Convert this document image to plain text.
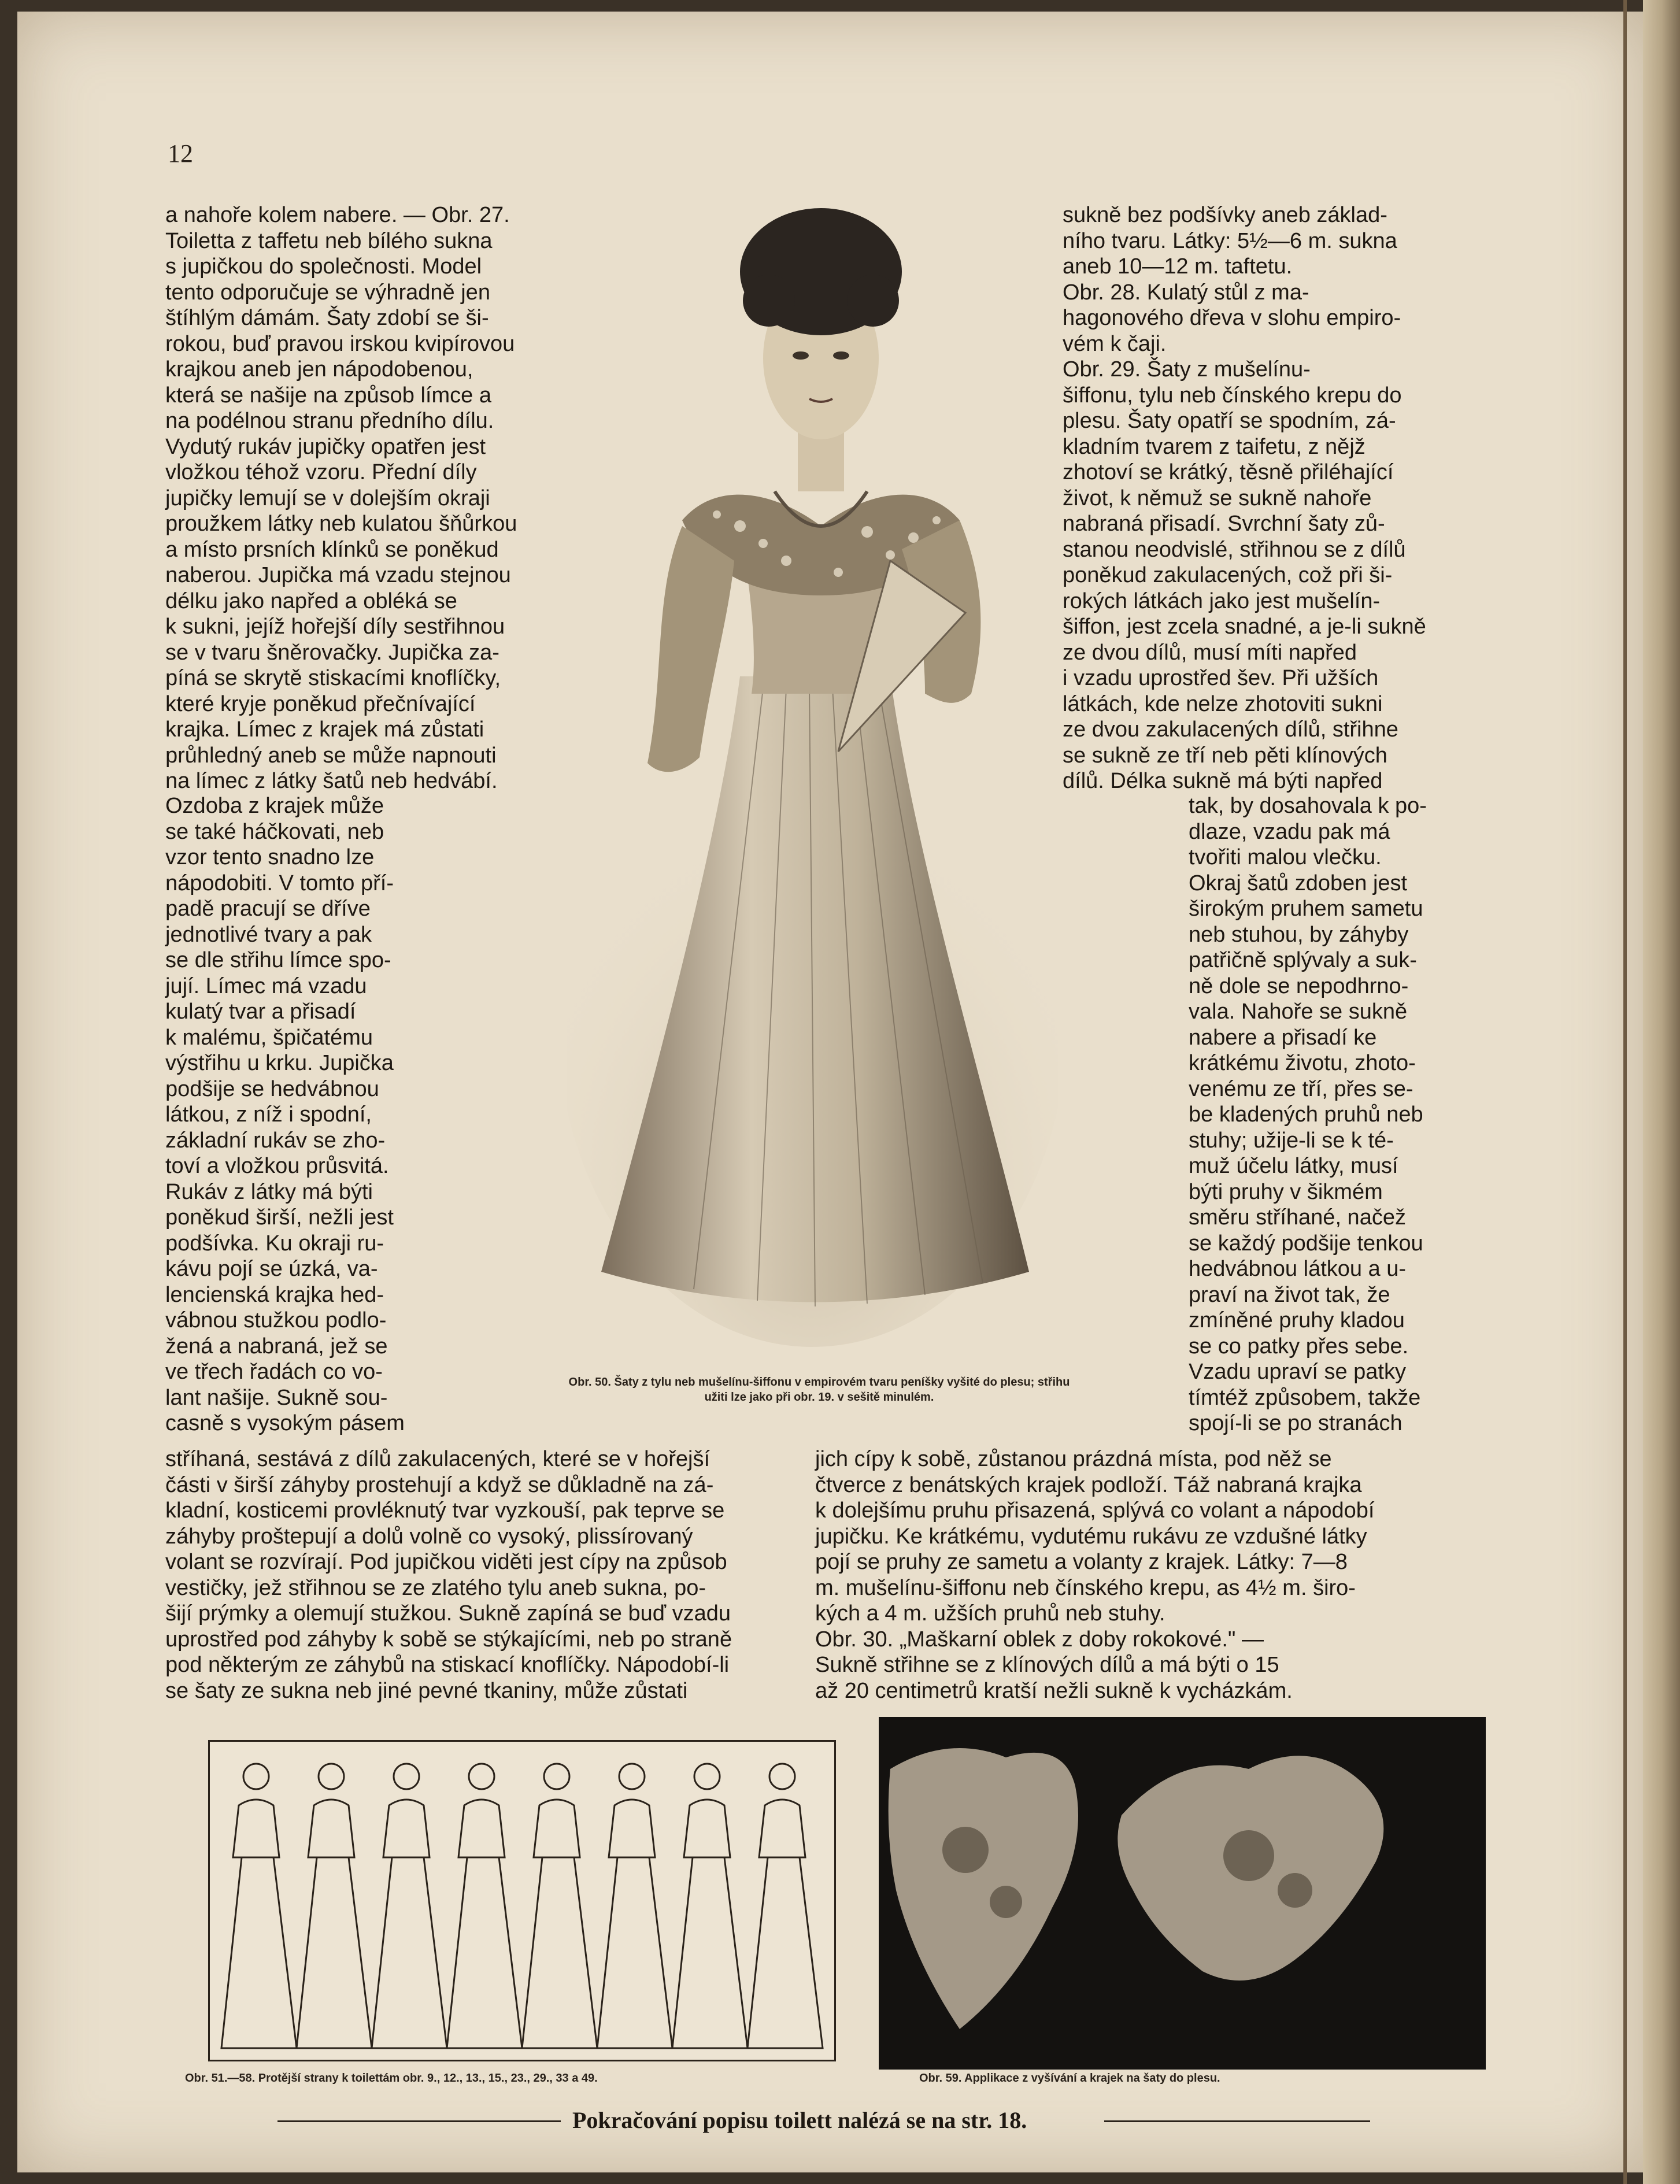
12

a nahoře kolem nabere. — Obr. 27.
Toiletta z taffetu neb bílého sukna
s jupičkou do společnosti. Model
tento odporučuje se výhradně jen
štíhlým dámám. Šaty zdobí se ši-
rokou, buď pravou irskou kvipírovou
krajkou aneb jen nápodobenou,
která se našije na způsob límce a
na podélnou stranu předního dílu.
Vydutý rukáv jupičky opatřen jest
vložkou téhož vzoru. Přední díly
jupičky lemují se v dolejším okraji
proužkem látky neb kulatou šňůrkou
a místo prsních klínků se poněkud
naberou. Jupička má vzadu stejnou
délku jako napřed a obléká se
k sukni, jejíž hořejší díly sestřihnou
se v tvaru šněrovačky. Jupička za-
píná se skrytě stiskacími knoflíčky,
které kryje poněkud přečnívající
krajka. Límec z krajek má zůstati
průhledný aneb se může napnouti
na límec z látky šatů neb hedvábí.

Ozdoba z krajek může
se také háčkovati, neb
vzor tento snadno lze
nápodobiti. V tomto pří-
padě pracují se dříve
jednotlivé tvary a pak
se dle střihu límce spo-
jují. Límec má vzadu
kulatý tvar a přisadí
k malému, špičatému
výstřihu u krku. Jupička
podšije se hedvábnou
látkou, z níž i spodní,
základní rukáv se zho-
toví a vložkou průsvitá.
Rukáv z látky má býti
poněkud širší, nežli jest
podšívka. Ku okraji ru-
kávu pojí se úzká, va-
lencienská krajka hed-
vábnou stužkou podlo-
žená a nabraná, jež se
ve třech řadách co vo-
lant našije. Sukně sou-
casně s vysokým pásem

sukně bez podšívky aneb základ-
ního tvaru. Látky: 5½—6 m. sukna
aneb 10—12 m. taftetu.
Obr. 28. Kulatý stůl z ma-
hagonového dřeva v slohu empiro-
vém k čaji.
Obr. 29. Šaty z mušelínu-
šiffonu, tylu neb čínského krepu do
plesu. Šaty opatří se spodním, zá-
kladním tvarem z taifetu, z nějž
zhotoví se krátký, těsně přiléhající
život, k němuž se sukně nahoře
nabraná přisadí. Svrchní šaty zů-
stanou neodvislé, střihnou se z dílů
poněkud zakulacených, což při ši-
rokých látkách jako jest mušelín-
šiffon, jest zcela snadné, a je-li sukně
ze dvou dílů, musí míti napřed
i vzadu uprostřed šev. Při užších
látkách, kde nelze zhotoviti sukni
ze dvou zakulacených dílů, střihne
se sukně ze tří neb pěti klínových
dílů. Délka sukně má býti napřed

tak, by dosahovala k po-
dlaze, vzadu pak má
tvořiti malou vlečku.
Okraj šatů zdoben jest
širokým pruhem sametu
neb stuhou, by záhyby
patřičně splývaly a suk-
ně dole se nepodhrno-
vala. Nahoře se sukně
nabere a přisadí ke
krátkému životu, zhoto-
venému ze tří, přes se-
be kladených pruhů neb
stuhy; užije-li se k té-
muž účelu látky, musí
býti pruhy v šikmém
směru stříhané, načež
se každý podšije tenkou
hedvábnou látkou a u-
praví na život tak, že
zmíněné pruhy kladou
se co patky přes sebe.
Vzadu upraví se patky
tímtéž způsobem, takže
spojí-li se po stranách

stříhaná, sestává z dílů zakulacených, které se v hořejší
části v širší záhyby prostehují a když se důkladně na zá-
kladní, kosticemi provléknutý tvar vyzkouší, pak teprve se
záhyby proštepují a dolů volně co vysoký, plissírovaný
volant se rozvírají. Pod jupičkou viděti jest cípy na způsob
vestičky, jež střihnou se ze zlatého tylu aneb sukna, po-
šijí prýmky a olemují stužkou. Sukně zapíná se buď vzadu
uprostřed pod záhyby k sobě se stýkajícími, neb po straně
pod některým ze záhybů na stiskací knoflíčky. Nápodobí-li
se šaty ze sukna neb jiné pevné tkaniny, může zůstati

jich cípy k sobě, zůstanou prázdná místa, pod něž se
čtverce z benátských krajek podloží. Táž nabraná krajka
k dolejšímu pruhu přisazená, splývá co volant a nápodobí
jupičku. Ke krátkému, vydutému rukávu ze vzdušné látky
pojí se pruhy ze sametu a volanty z krajek. Látky: 7—8
m. mušelínu-šiffonu neb čínského krepu, as 4½ m. širo-
kých a 4 m. užších pruhů neb stuhy.
Obr. 30. „Maškarní oblek z doby rokokové." —
Sukně střihne se z klínových dílů a má býti o 15
až 20 centimetrů kratší nežli sukně k vycházkám.

Obr. 50. Šaty z tylu neb mušelínu-šiffonu v empirovém tvaru peníšky vyšité do plesu; střihu
užiti lze jako při obr. 19. v sešitě minulém.

Obr. 51.—58. Protější strany k toilettám obr. 9., 12., 13., 15., 23., 29., 33 a 49.	Obr. 59. Applikace z vyšívání a krajek na šaty do plesu.

Pokračování popisu toilett nalézá se na str. 18.
